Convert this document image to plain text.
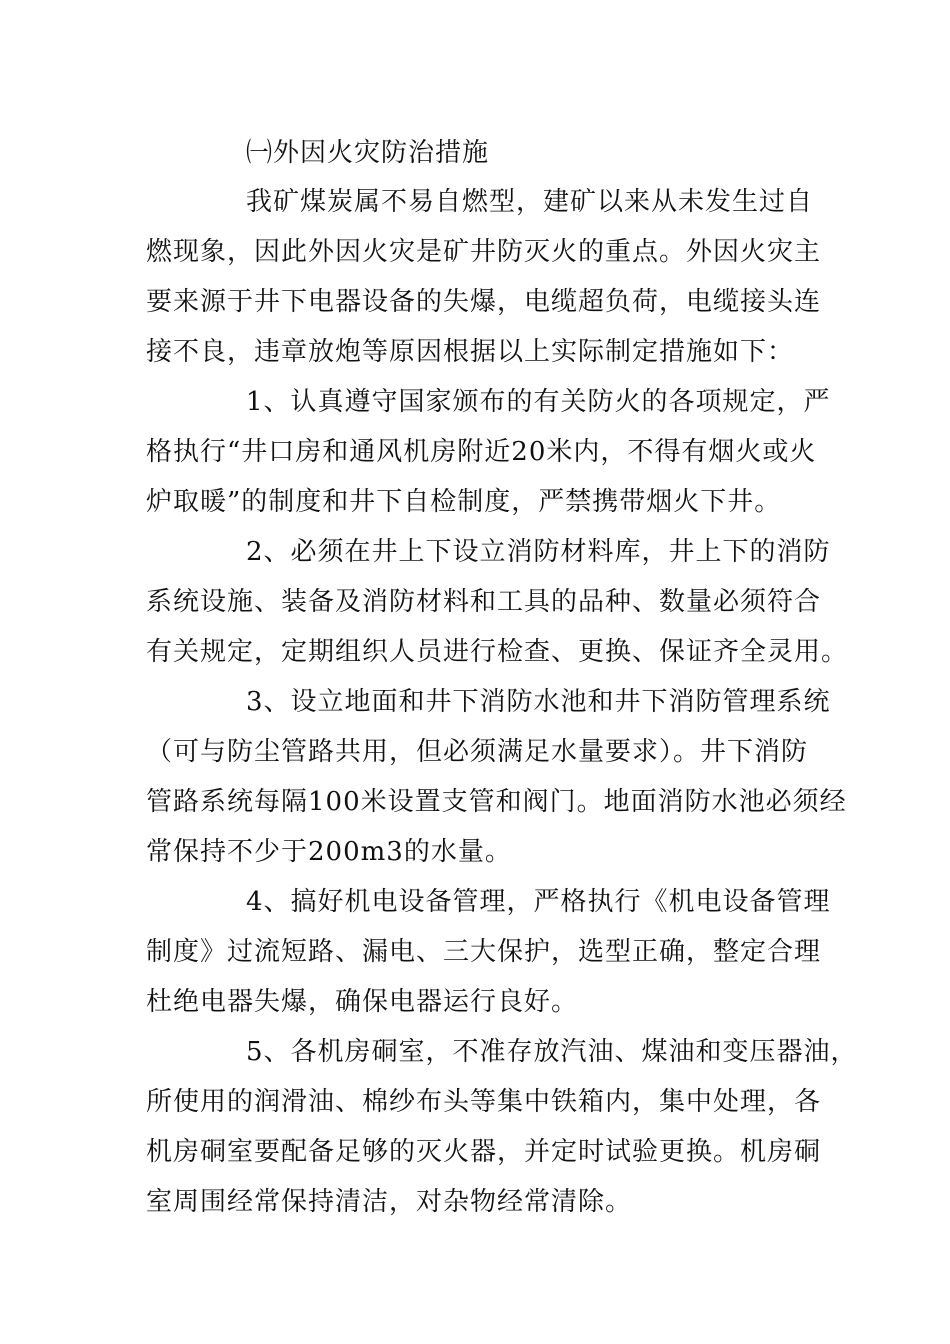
㈠外因火灾防治措施
我矿煤炭属不易自燃型，建矿以来从未发生过自
燃现象，因此外因火灾是矿井防灭火的重点。外因火灾主
要来源于井下电器设备的失爆，电缆超负荷，电缆接头连
接不良，违章放炮等原因根据以上实际制定措施如下：
1、认真遵守国家颁布的有关防火的各项规定，严
格执行“井口房和通风机房附近20米内，不得有烟火或火
炉取暖”的制度和井下自检制度，严禁携带烟火下井。
2、必须在井上下设立消防材料库，井上下的消防
系统设施、装备及消防材料和工具的品种、数量必须符合
有关规定，定期组织人员进行检查、更换、保证齐全灵用。
3、设立地面和井下消防水池和井下消防管理系统
（可与防尘管路共用，但必须满足水量要求）。井下消防
管路系统每隔100米设置支管和阀门。地面消防水池必须经
常保持不少于200m3的水量。
4、搞好机电设备管理，严格执行《机电设备管理
制度》过流短路、漏电、三大保护，选型正确，整定合理
杜绝电器失爆，确保电器运行良好。
5、各机房硐室，不准存放汽油、煤油和变压器油，
所使用的润滑油、棉纱布头等集中铁箱内，集中处理，各
机房硐室要配备足够的灭火器，并定时试验更换。机房硐
室周围经常保持清洁，对杂物经常清除。
